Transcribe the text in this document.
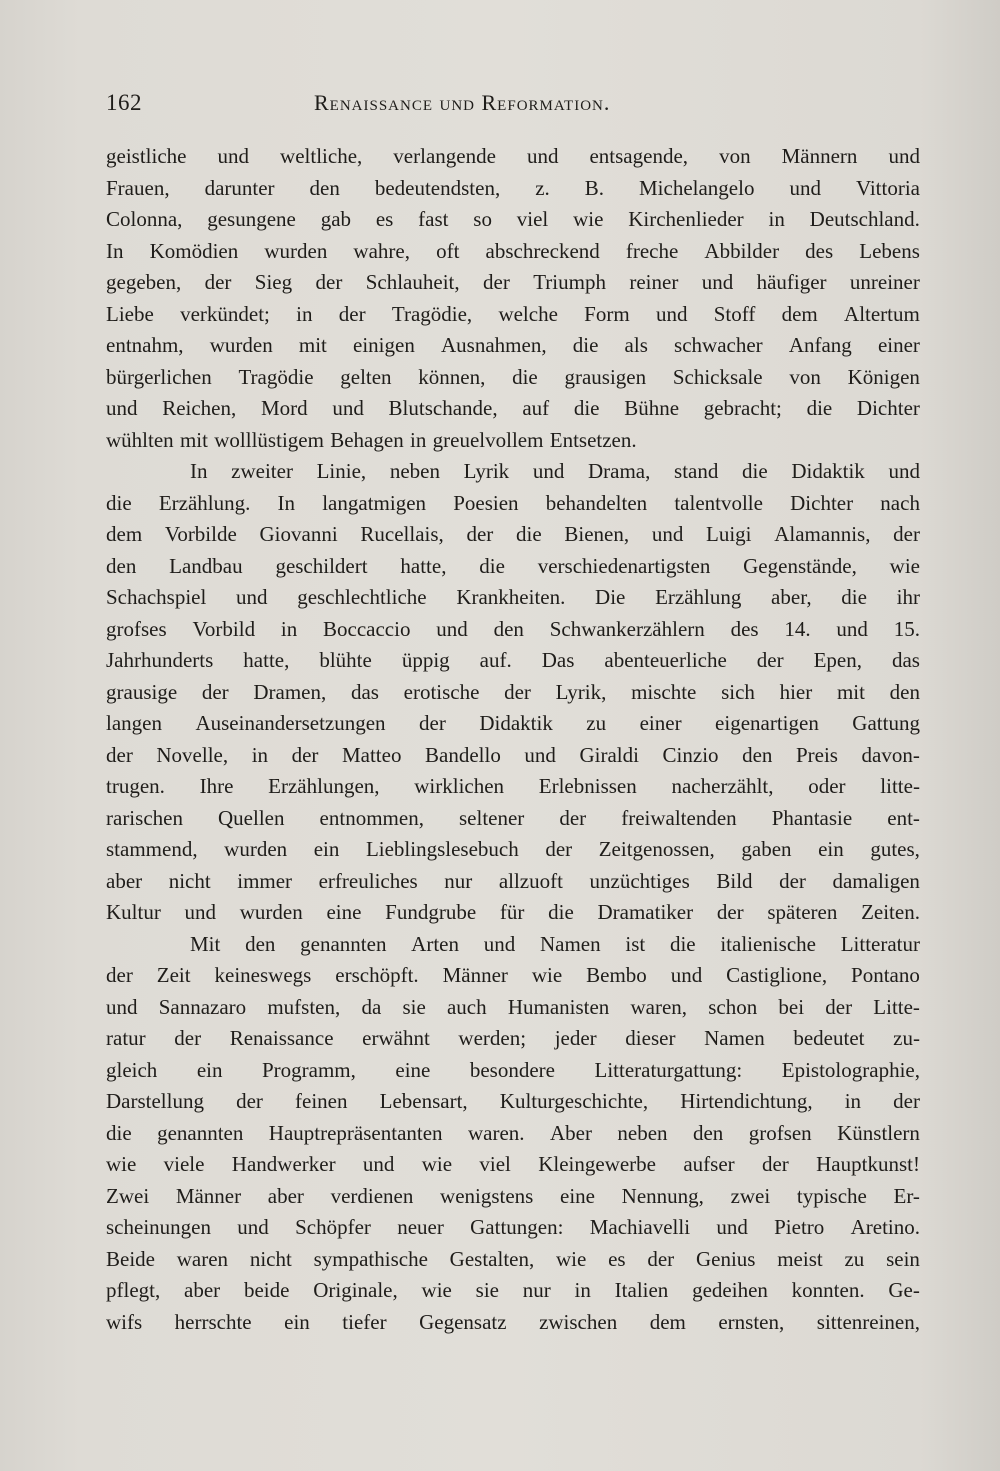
162	Renaissance und Reformation.
geistliche und weltliche, verlangende und entsagende, von Männern und
Frauen, darunter den bedeutendsten, z. B. Michelangelo und Vittoria
Colonna, gesungene gab es fast so viel wie Kirchenlieder in Deutschland.
In Komödien wurden wahre, oft abschreckend freche Abbilder des Lebens
gegeben, der Sieg der Schlauheit, der Triumph reiner und häufiger unreiner
Liebe verkündet; in der Tragödie, welche Form und Stoff dem Altertum
entnahm, wurden mit einigen Ausnahmen, die als schwacher Anfang einer
bürgerlichen Tragödie gelten können, die grausigen Schicksale von Königen
und Reichen, Mord und Blutschande, auf die Bühne gebracht; die Dichter
wühlten mit wolllüstigem Behagen in greuelvollem Entsetzen.
In zweiter Linie, neben Lyrik und Drama, stand die Didaktik und
die Erzählung. In langatmigen Poesien behandelten talentvolle Dichter nach
dem Vorbilde Giovanni Rucellais, der die Bienen, und Luigi Alamannis, der
den Landbau geschildert hatte, die verschiedenartigsten Gegenstände, wie
Schachspiel und geschlechtliche Krankheiten. Die Erzählung aber, die ihr
grofses Vorbild in Boccaccio und den Schwankerzählern des 14. und 15.
Jahrhunderts hatte, blühte üppig auf. Das abenteuerliche der Epen, das
grausige der Dramen, das erotische der Lyrik, mischte sich hier mit den
langen Auseinandersetzungen der Didaktik zu einer eigenartigen Gattung
der Novelle, in der Matteo Bandello und Giraldi Cinzio den Preis davon-
trugen. Ihre Erzählungen, wirklichen Erlebnissen nacherzählt, oder litte-
rarischen Quellen entnommen, seltener der freiwaltenden Phantasie ent-
stammend, wurden ein Lieblingslesebuch der Zeitgenossen, gaben ein gutes,
aber nicht immer erfreuliches nur allzuoft unzüchtiges Bild der damaligen
Kultur und wurden eine Fundgrube für die Dramatiker der späteren Zeiten.
Mit den genannten Arten und Namen ist die italienische Litteratur
der Zeit keineswegs erschöpft. Männer wie Bembo und Castiglione, Pontano
und Sannazaro mufsten, da sie auch Humanisten waren, schon bei der Litte-
ratur der Renaissance erwähnt werden; jeder dieser Namen bedeutet zu-
gleich ein Programm, eine besondere Litteraturgattung: Epistolographie,
Darstellung der feinen Lebensart, Kulturgeschichte, Hirtendichtung, in der
die genannten Hauptrepräsentanten waren. Aber neben den grofsen Künstlern
wie viele Handwerker und wie viel Kleingewerbe aufser der Hauptkunst!
Zwei Männer aber verdienen wenigstens eine Nennung, zwei typische Er-
scheinungen und Schöpfer neuer Gattungen: Machiavelli und Pietro Aretino.
Beide waren nicht sympathische Gestalten, wie es der Genius meist zu sein
pflegt, aber beide Originale, wie sie nur in Italien gedeihen konnten. Ge-
wifs herrschte ein tiefer Gegensatz zwischen dem ernsten, sittenreinen,
